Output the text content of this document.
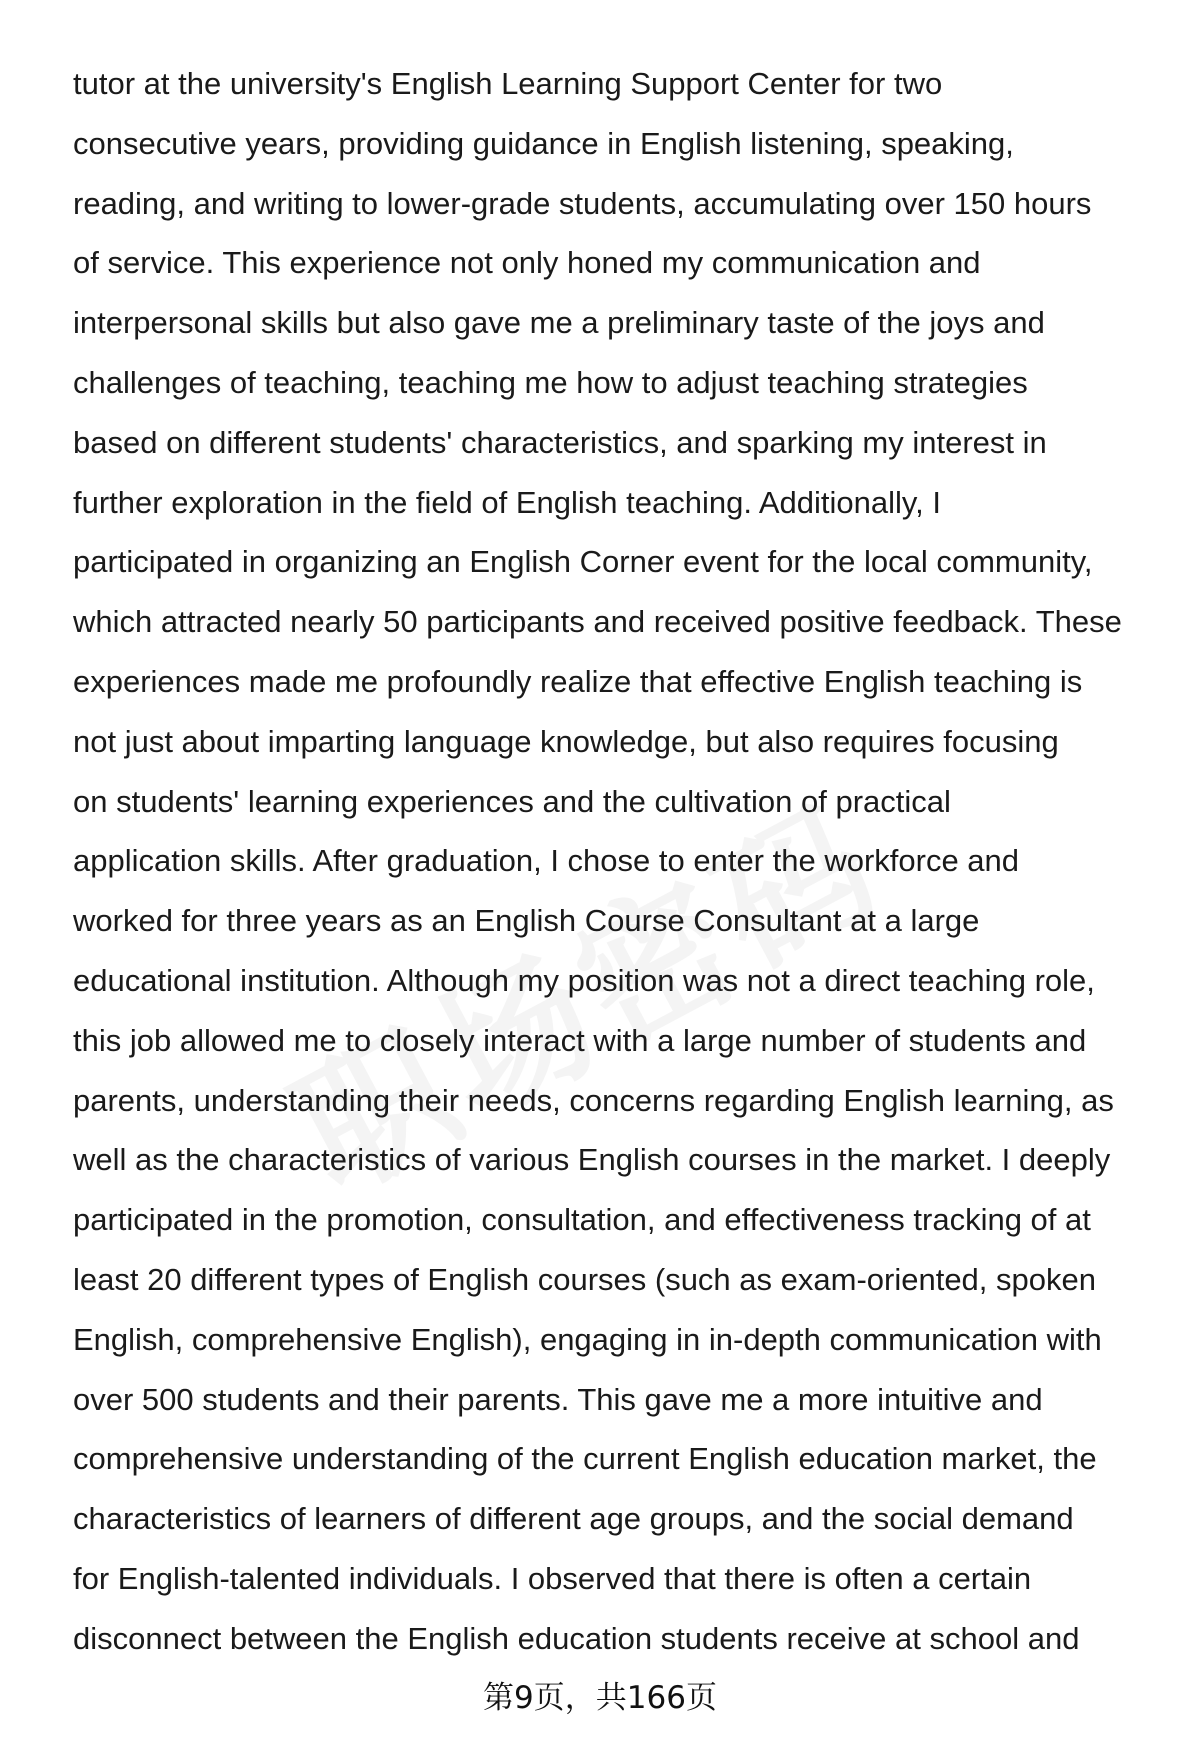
tutor at the university's English Learning Support Center for two
consecutive years, providing guidance in English listening, speaking,
reading, and writing to lower-grade students, accumulating over 150 hours
of service. This experience not only honed my communication and
interpersonal skills but also gave me a preliminary taste of the joys and
challenges of teaching, teaching me how to adjust teaching strategies
based on different students' characteristics, and sparking my interest in
further exploration in the field of English teaching. Additionally, I
participated in organizing an English Corner event for the local community,
which attracted nearly 50 participants and received positive feedback. These
experiences made me profoundly realize that effective English teaching is
not just about imparting language knowledge, but also requires focusing
on students' learning experiences and the cultivation of practical
application skills. After graduation, I chose to enter the workforce and
worked for three years as an English Course Consultant at a large
educational institution. Although my position was not a direct teaching role,
this job allowed me to closely interact with a large number of students and
parents, understanding their needs, concerns regarding English learning, as
well as the characteristics of various English courses in the market. I deeply
participated in the promotion, consultation, and effectiveness tracking of at
least 20 different types of English courses (such as exam-oriented, spoken
English, comprehensive English), engaging in in-depth communication with
over 500 students and their parents. This gave me a more intuitive and
comprehensive understanding of the current English education market, the
characteristics of learners of different age groups, and the social demand
for English-talented individuals. I observed that there is often a certain
disconnect between the English education students receive at school and
第9页，共166页
